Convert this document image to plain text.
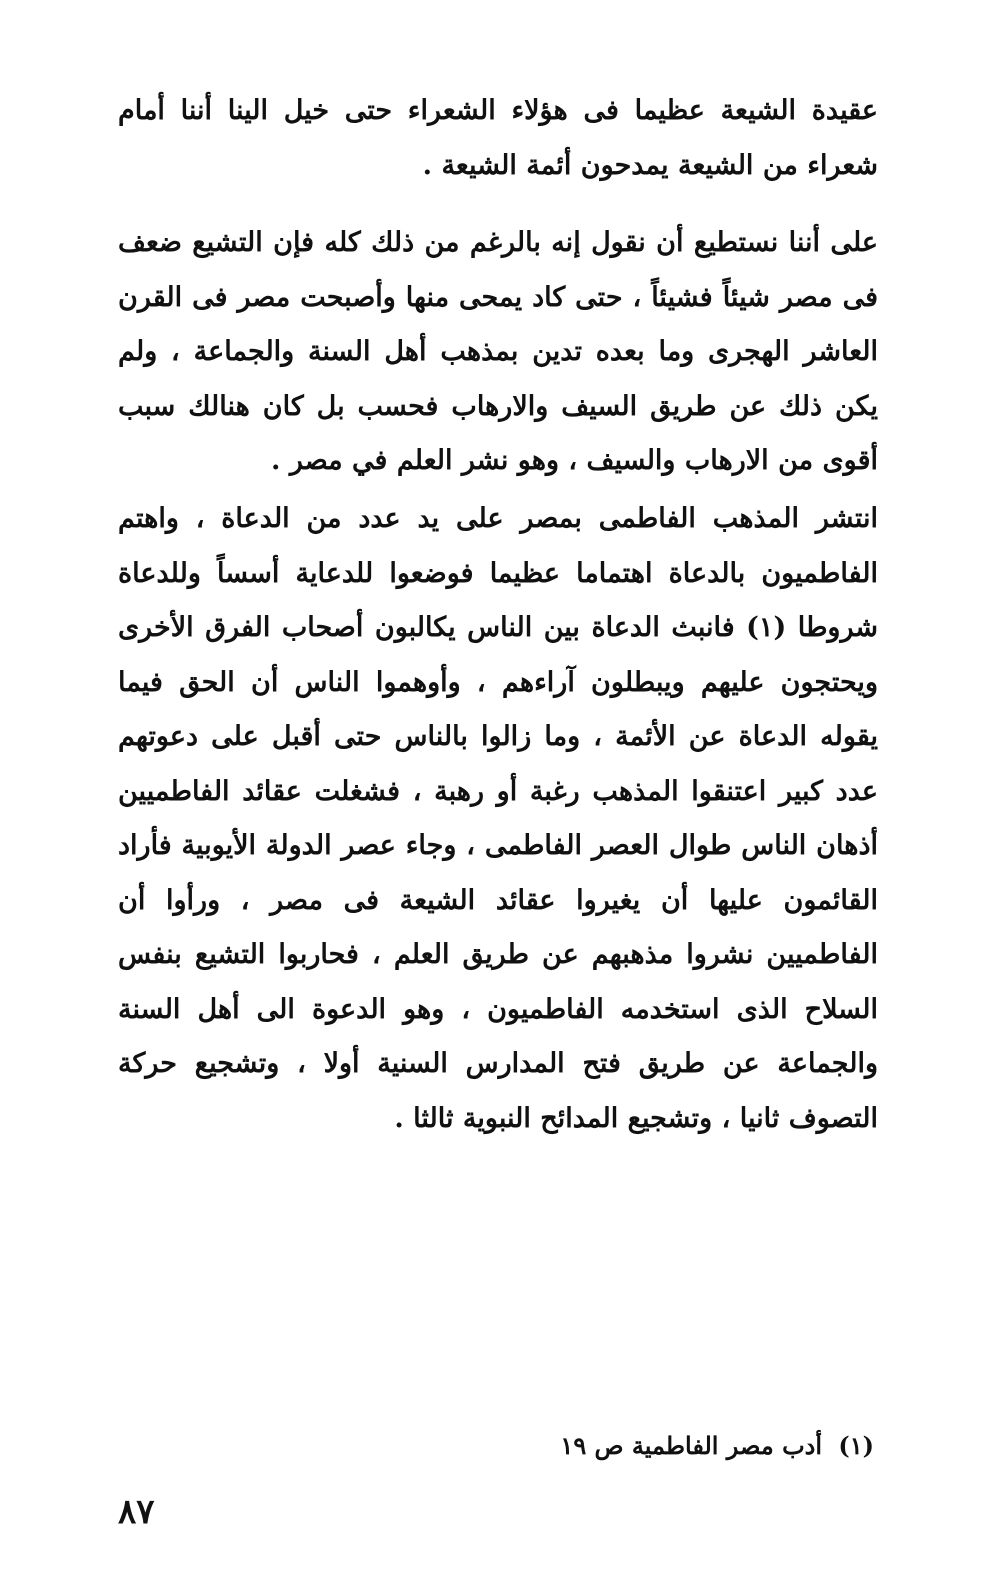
عقيدة الشيعة عظيما فى هؤلاء الشعراء حتى خيل الينا أننا أمام شعراء من الشيعة يمدحون أئمة الشيعة .

على أننا نستطيع أن نقول إنه بالرغم من ذلك كله فإن التشيع ضعف فى مصر شيئاً فشيئاً ، حتى كاد يمحى منها وأصبحت مصر فى القرن العاشر الهجرى وما بعده تدين بمذهب أهل السنة والجماعة ، ولم يكن ذلك عن طريق السيف والارهاب فحسب بل كان هنالك سبب أقوى من الارهاب والسيف ، وهو نشر العلم في مصر .

انتشر المذهب الفاطمى بمصر على يد عدد من الدعاة ، واهتم الفاطميون بالدعاة اهتماما عظيما فوضعوا للدعاية أسساً وللدعاة شروطا (١) فانبث الدعاة بين الناس يكالبون أصحاب الفرق الأخرى ويحتجون عليهم ويبطلون آراءهم ، وأوهموا الناس أن الحق فيما يقوله الدعاة عن الأئمة ، وما زالوا بالناس حتى أقبل على دعوتهم عدد كبير اعتنقوا المذهب رغبة أو رهبة ، فشغلت عقائد الفاطميين أذهان الناس طوال العصر الفاطمى ، وجاء عصر الدولة الأيوبية فأراد القائمون عليها أن يغيروا عقائد الشيعة فى مصر ، ورأوا أن الفاطميين نشروا مذهبهم عن طريق العلم ، فحاربوا التشيع بنفس السلاح الذى استخدمه الفاطميون ، وهو الدعوة الى أهل السنة والجماعة عن طريق فتح المدارس السنية أولا ، وتشجيع حركة التصوف ثانيا ، وتشجيع المدائح النبوية ثالثا .

(١) أدب مصر الفاطمية ص ١٩
٨٧
